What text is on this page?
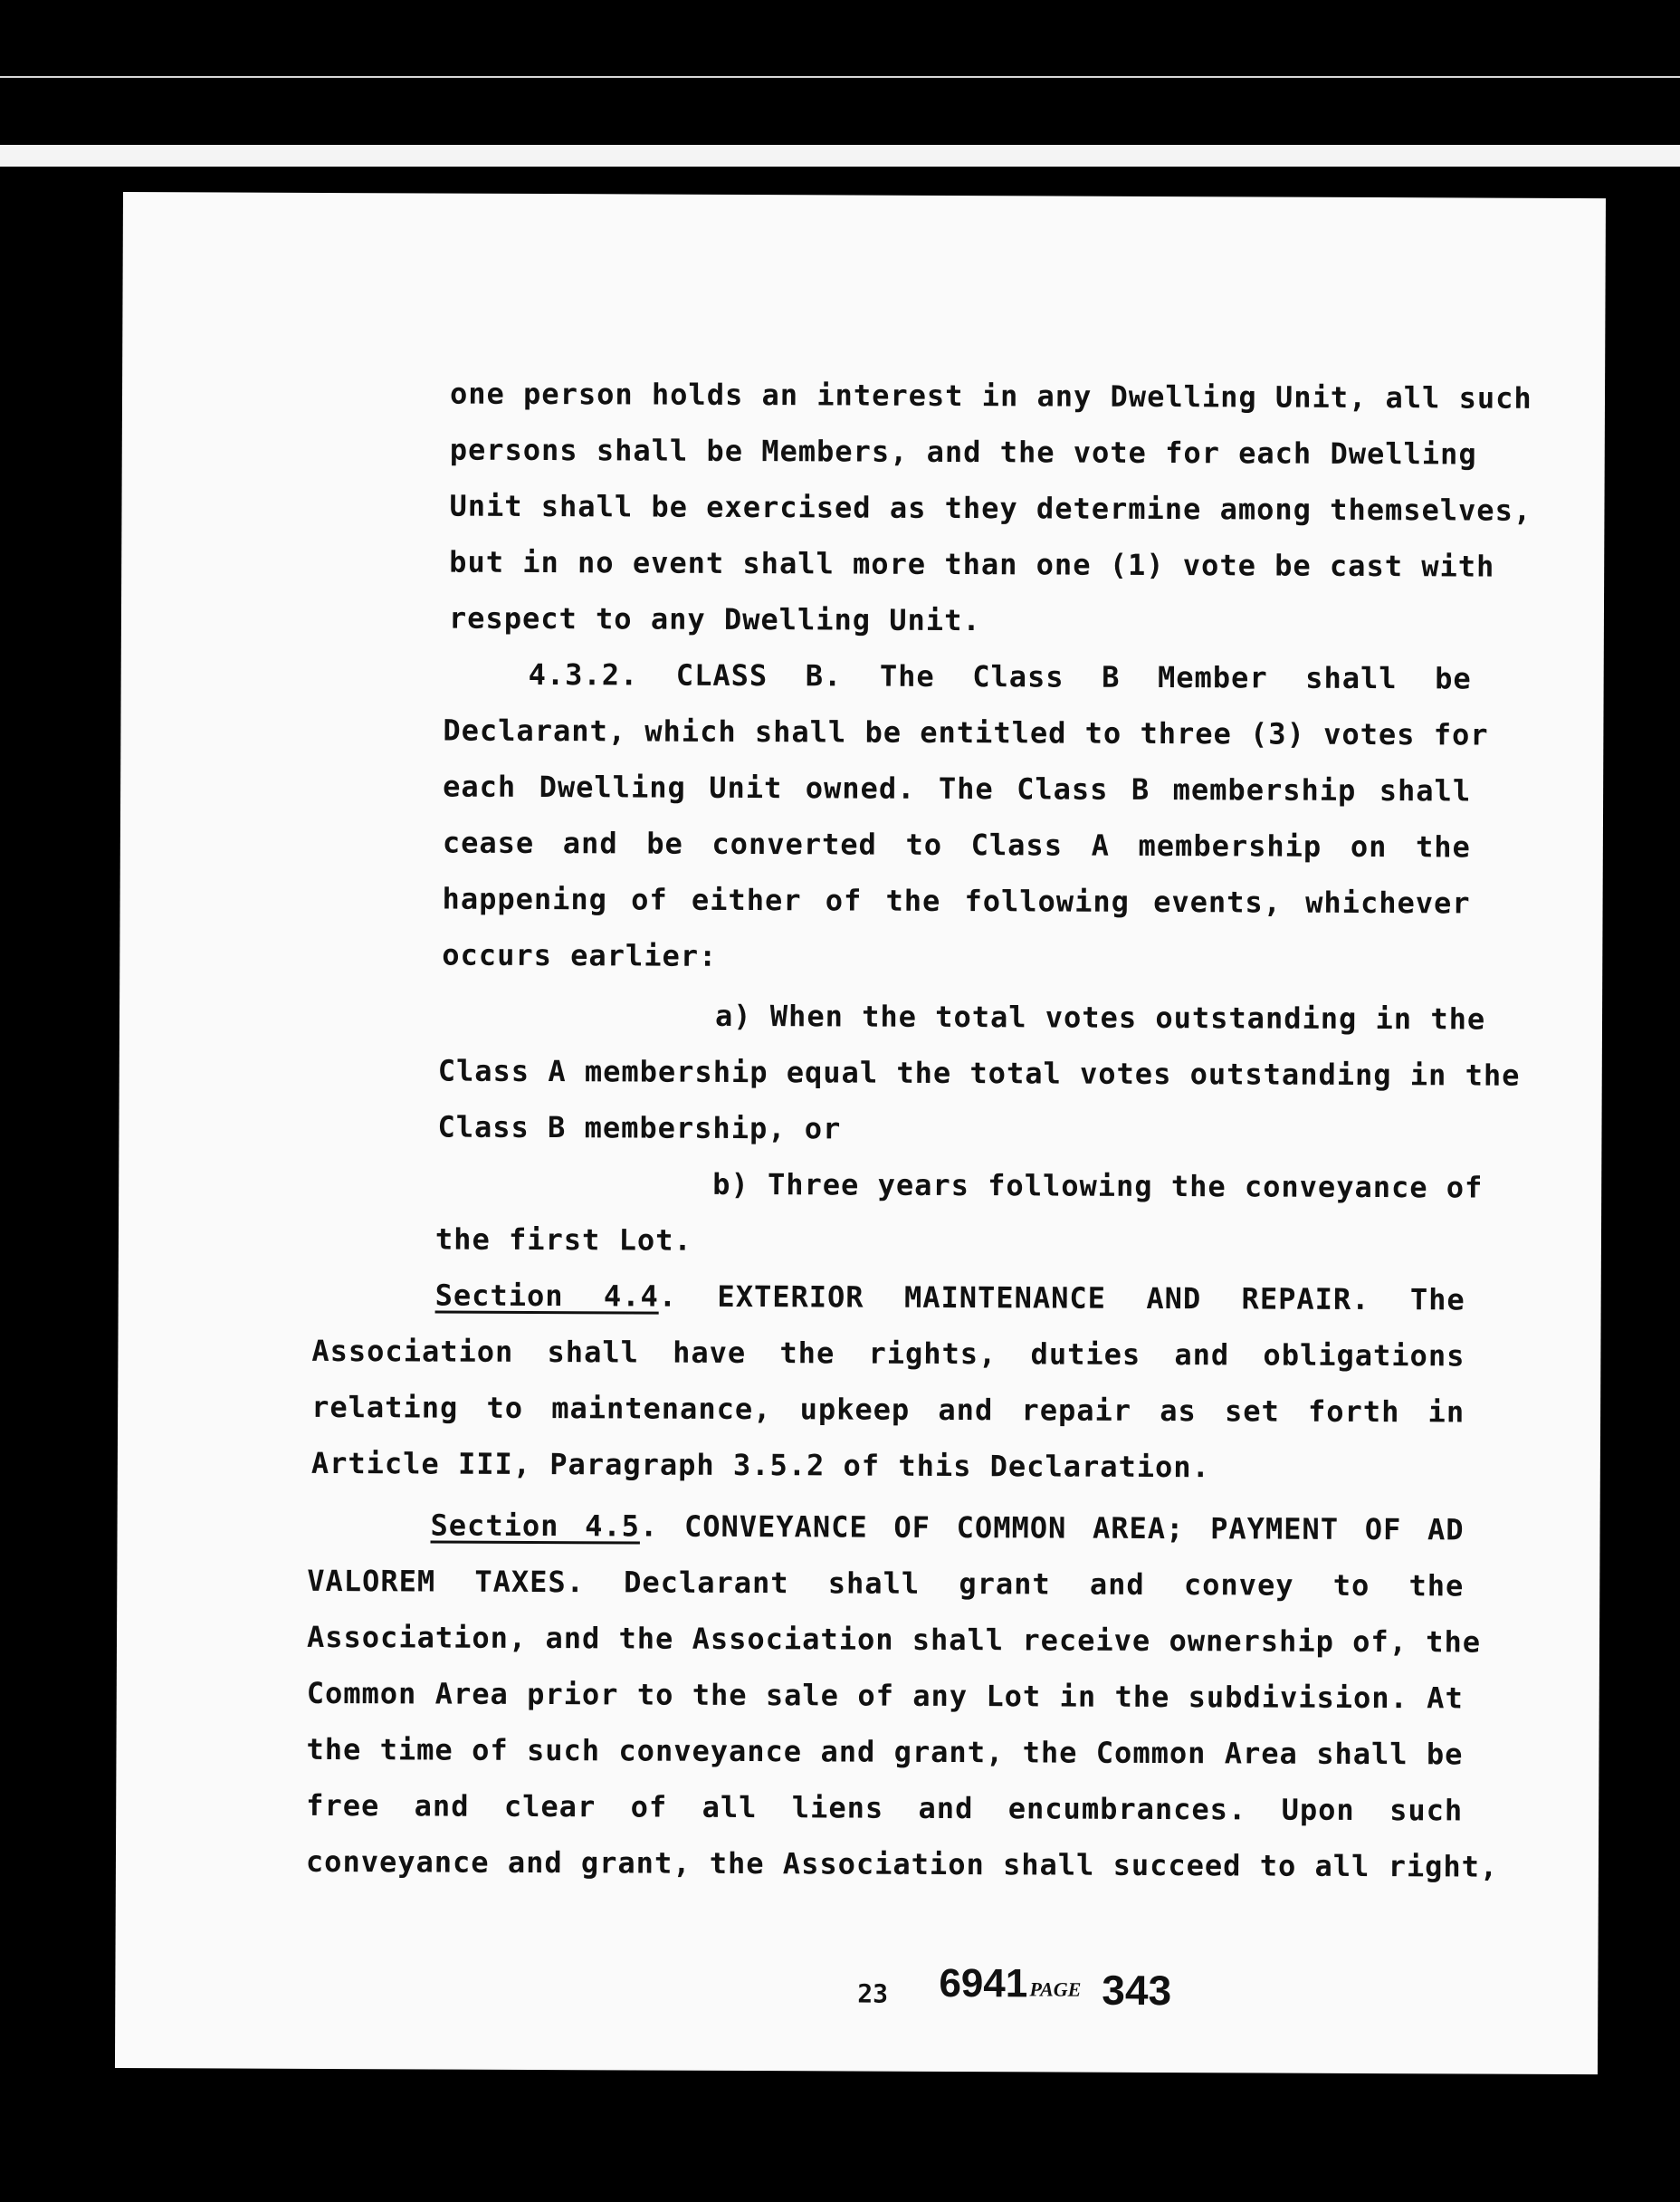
one person holds an interest in any Dwelling Unit, all such
persons shall be Members, and the vote for each Dwelling
Unit shall be exercised as they determine among themselves,
but in no event shall more than one (1) vote be cast with
respect to any Dwelling Unit.
4.3.2. CLASS B. The Class B Member shall be
Declarant, which shall be entitled to three (3) votes for
each Dwelling Unit owned. The Class B membership shall
cease and be converted to Class A membership on the
happening of either of the following events, whichever
occurs earlier:
a) When the total votes outstanding in the
Class A membership equal the total votes outstanding in the
Class B membership, or
b) Three years following the conveyance of
the first Lot.
Section 4.4. EXTERIOR MAINTENANCE AND REPAIR. The
Association shall have the rights, duties and obligations
relating to maintenance, upkeep and repair as set forth in
Article III, Paragraph 3.5.2 of this Declaration.
Section 4.5. CONVEYANCE OF COMMON AREA; PAYMENT OF AD
VALOREM TAXES. Declarant shall grant and convey to the
Association, and the Association shall receive ownership of, the
Common Area prior to the sale of any Lot in the subdivision. At
the time of such conveyance and grant, the Common Area shall be
free and clear of all liens and encumbrances. Upon such
conveyance and grant, the Association shall succeed to all right,
23 6941 PAGE 343
